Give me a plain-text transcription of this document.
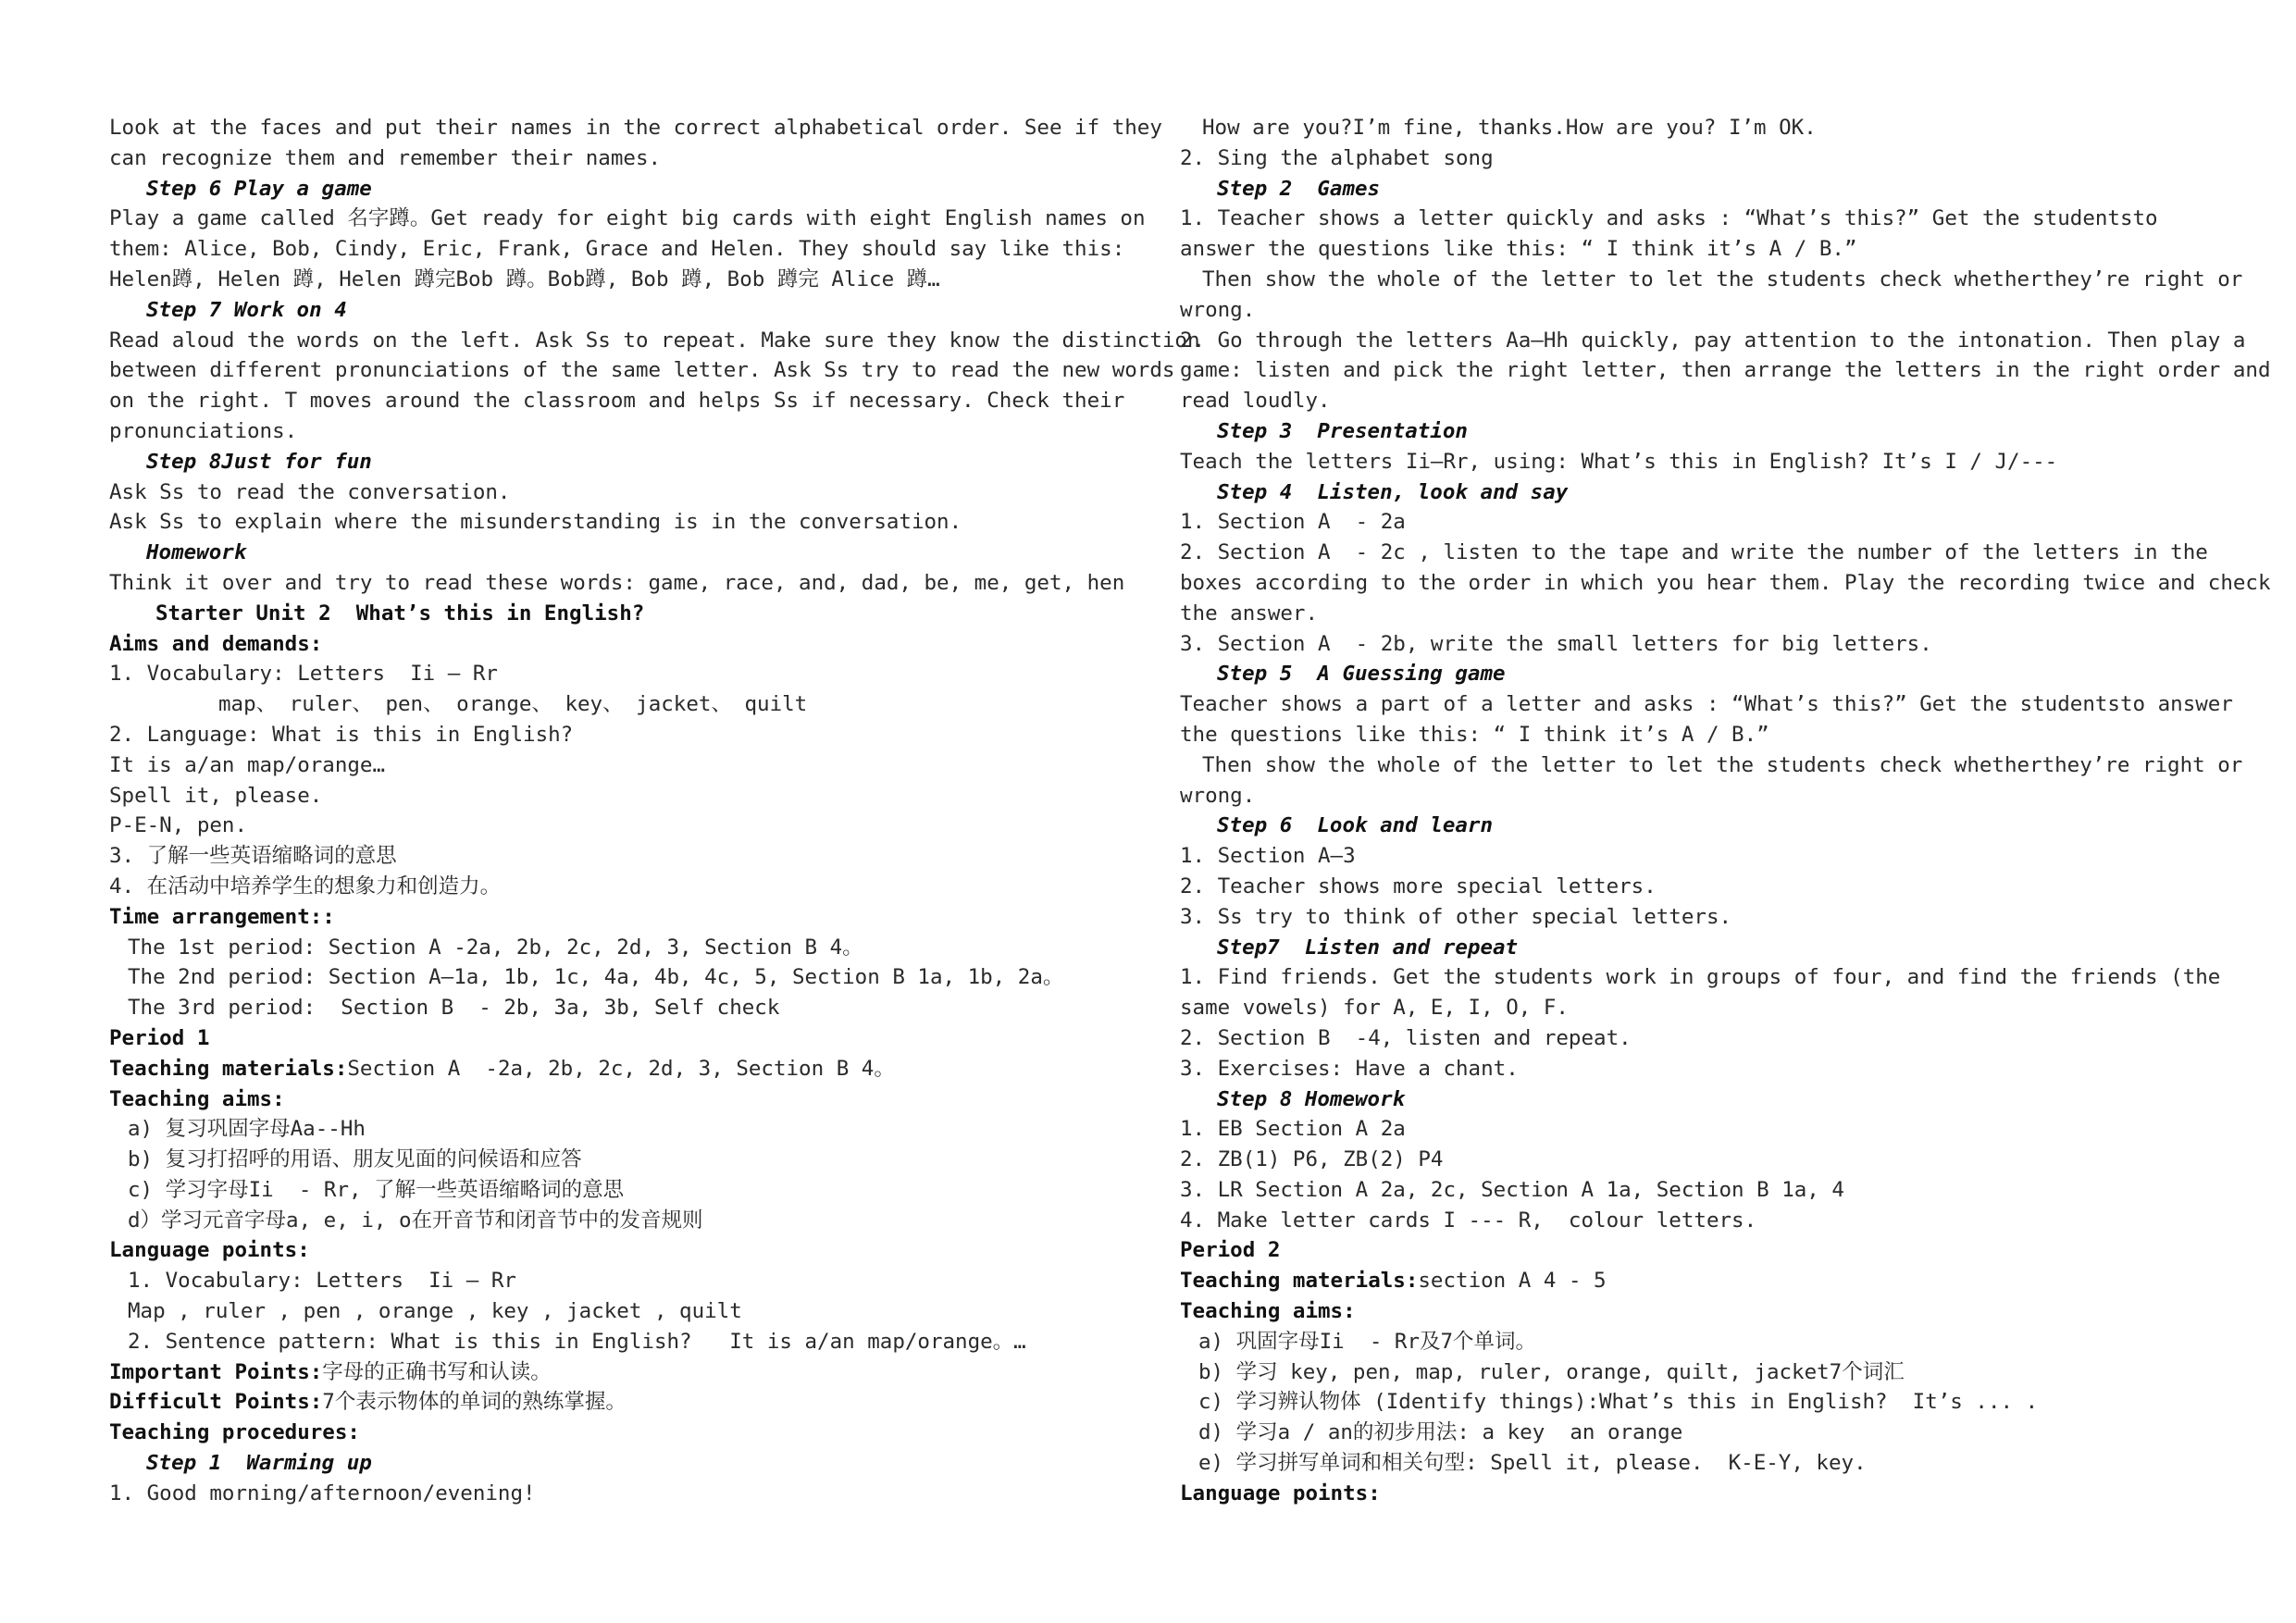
Look at the faces and put their names in the correct alphabetical order. See if they
can recognize them and remember their names.
Step 6 Play a game
Play a game called 名字蹲。Get ready for eight big cards with eight English names on
them: Alice, Bob, Cindy, Eric, Frank, Grace and Helen. They should say like this:
Helen蹲, Helen 蹲, Helen 蹲完Bob 蹲。Bob蹲, Bob 蹲, Bob 蹲完 Alice 蹲…
Step 7 Work on 4
Read aloud the words on the left. Ask Ss to repeat. Make sure they know the distinction
between different pronunciations of the same letter. Ask Ss try to read the new words
on the right. T moves around the classroom and helps Ss if necessary. Check their
pronunciations.
Step 8Just for fun
Ask Ss to read the conversation.
Ask Ss to explain where the misunderstanding is in the conversation.
Homework
Think it over and try to read these words: game, race, and, dad, be, me, get, hen
Starter Unit 2  What’s this in English?
Aims and demands:
1. Vocabulary: Letters  Ii — Rr
map、 ruler、 pen、 orange、 key、 jacket、 quilt
2. Language: What is this in English?
It is a/an map/orange…
Spell it, please.
P-E-N, pen.
3. 了解一些英语缩略词的意思
4. 在活动中培养学生的想象力和创造力。
Time arrangement::
The 1st period: Section A -2a, 2b, 2c, 2d, 3, Section B 4。
The 2nd period: Section A—1a, 1b, 1c, 4a, 4b, 4c, 5, Section B 1a, 1b, 2a。
The 3rd period:  Section B  - 2b, 3a, 3b, Self check
Period 1
Teaching materials:Section A  -2a, 2b, 2c, 2d, 3, Section B 4。
Teaching aims:
a) 复习巩固字母Aa--Hh
b) 复习打招呼的用语、朋友见面的问候语和应答
c) 学习字母Ii  - Rr, 了解一些英语缩略词的意思
d）学习元音字母a, e, i, o在开音节和闭音节中的发音规则
Language points:
1. Vocabulary: Letters  Ii — Rr
Map , ruler , pen , orange , key , jacket , quilt
2. Sentence pattern: What is this in English?   It is a/an map/orange。…
Important Points:字母的正确书写和认读。
Difficult Points:7个表示物体的单词的熟练掌握。
Teaching procedures:
Step 1  Warming up
1. Good morning/afternoon/evening!
How are you?I’m fine, thanks.How are you? I’m OK.
2. Sing the alphabet song
Step 2  Games
1. Teacher shows a letter quickly and asks : “What’s this?” Get the studentsto
answer the questions like this: “ I think it’s A / B.”
Then show the whole of the letter to let the students check whetherthey’re right or
wrong.
2. Go through the letters Aa—Hh quickly, pay attention to the intonation. Then play a
game: listen and pick the right letter, then arrange the letters in the right order and
read loudly.
Step 3  Presentation
Teach the letters Ii—Rr, using: What’s this in English? It’s I / J/---
Step 4  Listen, look and say
1. Section A  - 2a
2. Section A  - 2c , listen to the tape and write the number of the letters in the
boxes according to the order in which you hear them. Play the recording twice and check
the answer.
3. Section A  - 2b, write the small letters for big letters.
Step 5  A Guessing game
Teacher shows a part of a letter and asks : “What’s this?” Get the studentsto answer
the questions like this: “ I think it’s A / B.”
Then show the whole of the letter to let the students check whetherthey’re right or
wrong.
Step 6  Look and learn
1. Section A—3
2. Teacher shows more special letters.
3. Ss try to think of other special letters.
Step7  Listen and repeat
1. Find friends. Get the students work in groups of four, and find the friends (the
same vowels) for A, E, I, O, F.
2. Section B  -4, listen and repeat.
3. Exercises: Have a chant.
Step 8 Homework
1. EB Section A 2a
2. ZB(1) P6, ZB(2) P4
3. LR Section A 2a, 2c, Section A 1a, Section B 1a, 4
4. Make letter cards I --- R,  colour letters.
Period 2
Teaching materials:section A 4 - 5
Teaching aims:
a) 巩固字母Ii  - Rr及7个单词。
b) 学习 key, pen, map, ruler, orange, quilt, jacket7个词汇
c) 学习辨认物体 (Identify things):What’s this in English?  It’s ... .
d) 学习a / an的初步用法: a key  an orange
e) 学习拼写单词和相关句型: Spell it, please.  K-E-Y, key.
Language points:
